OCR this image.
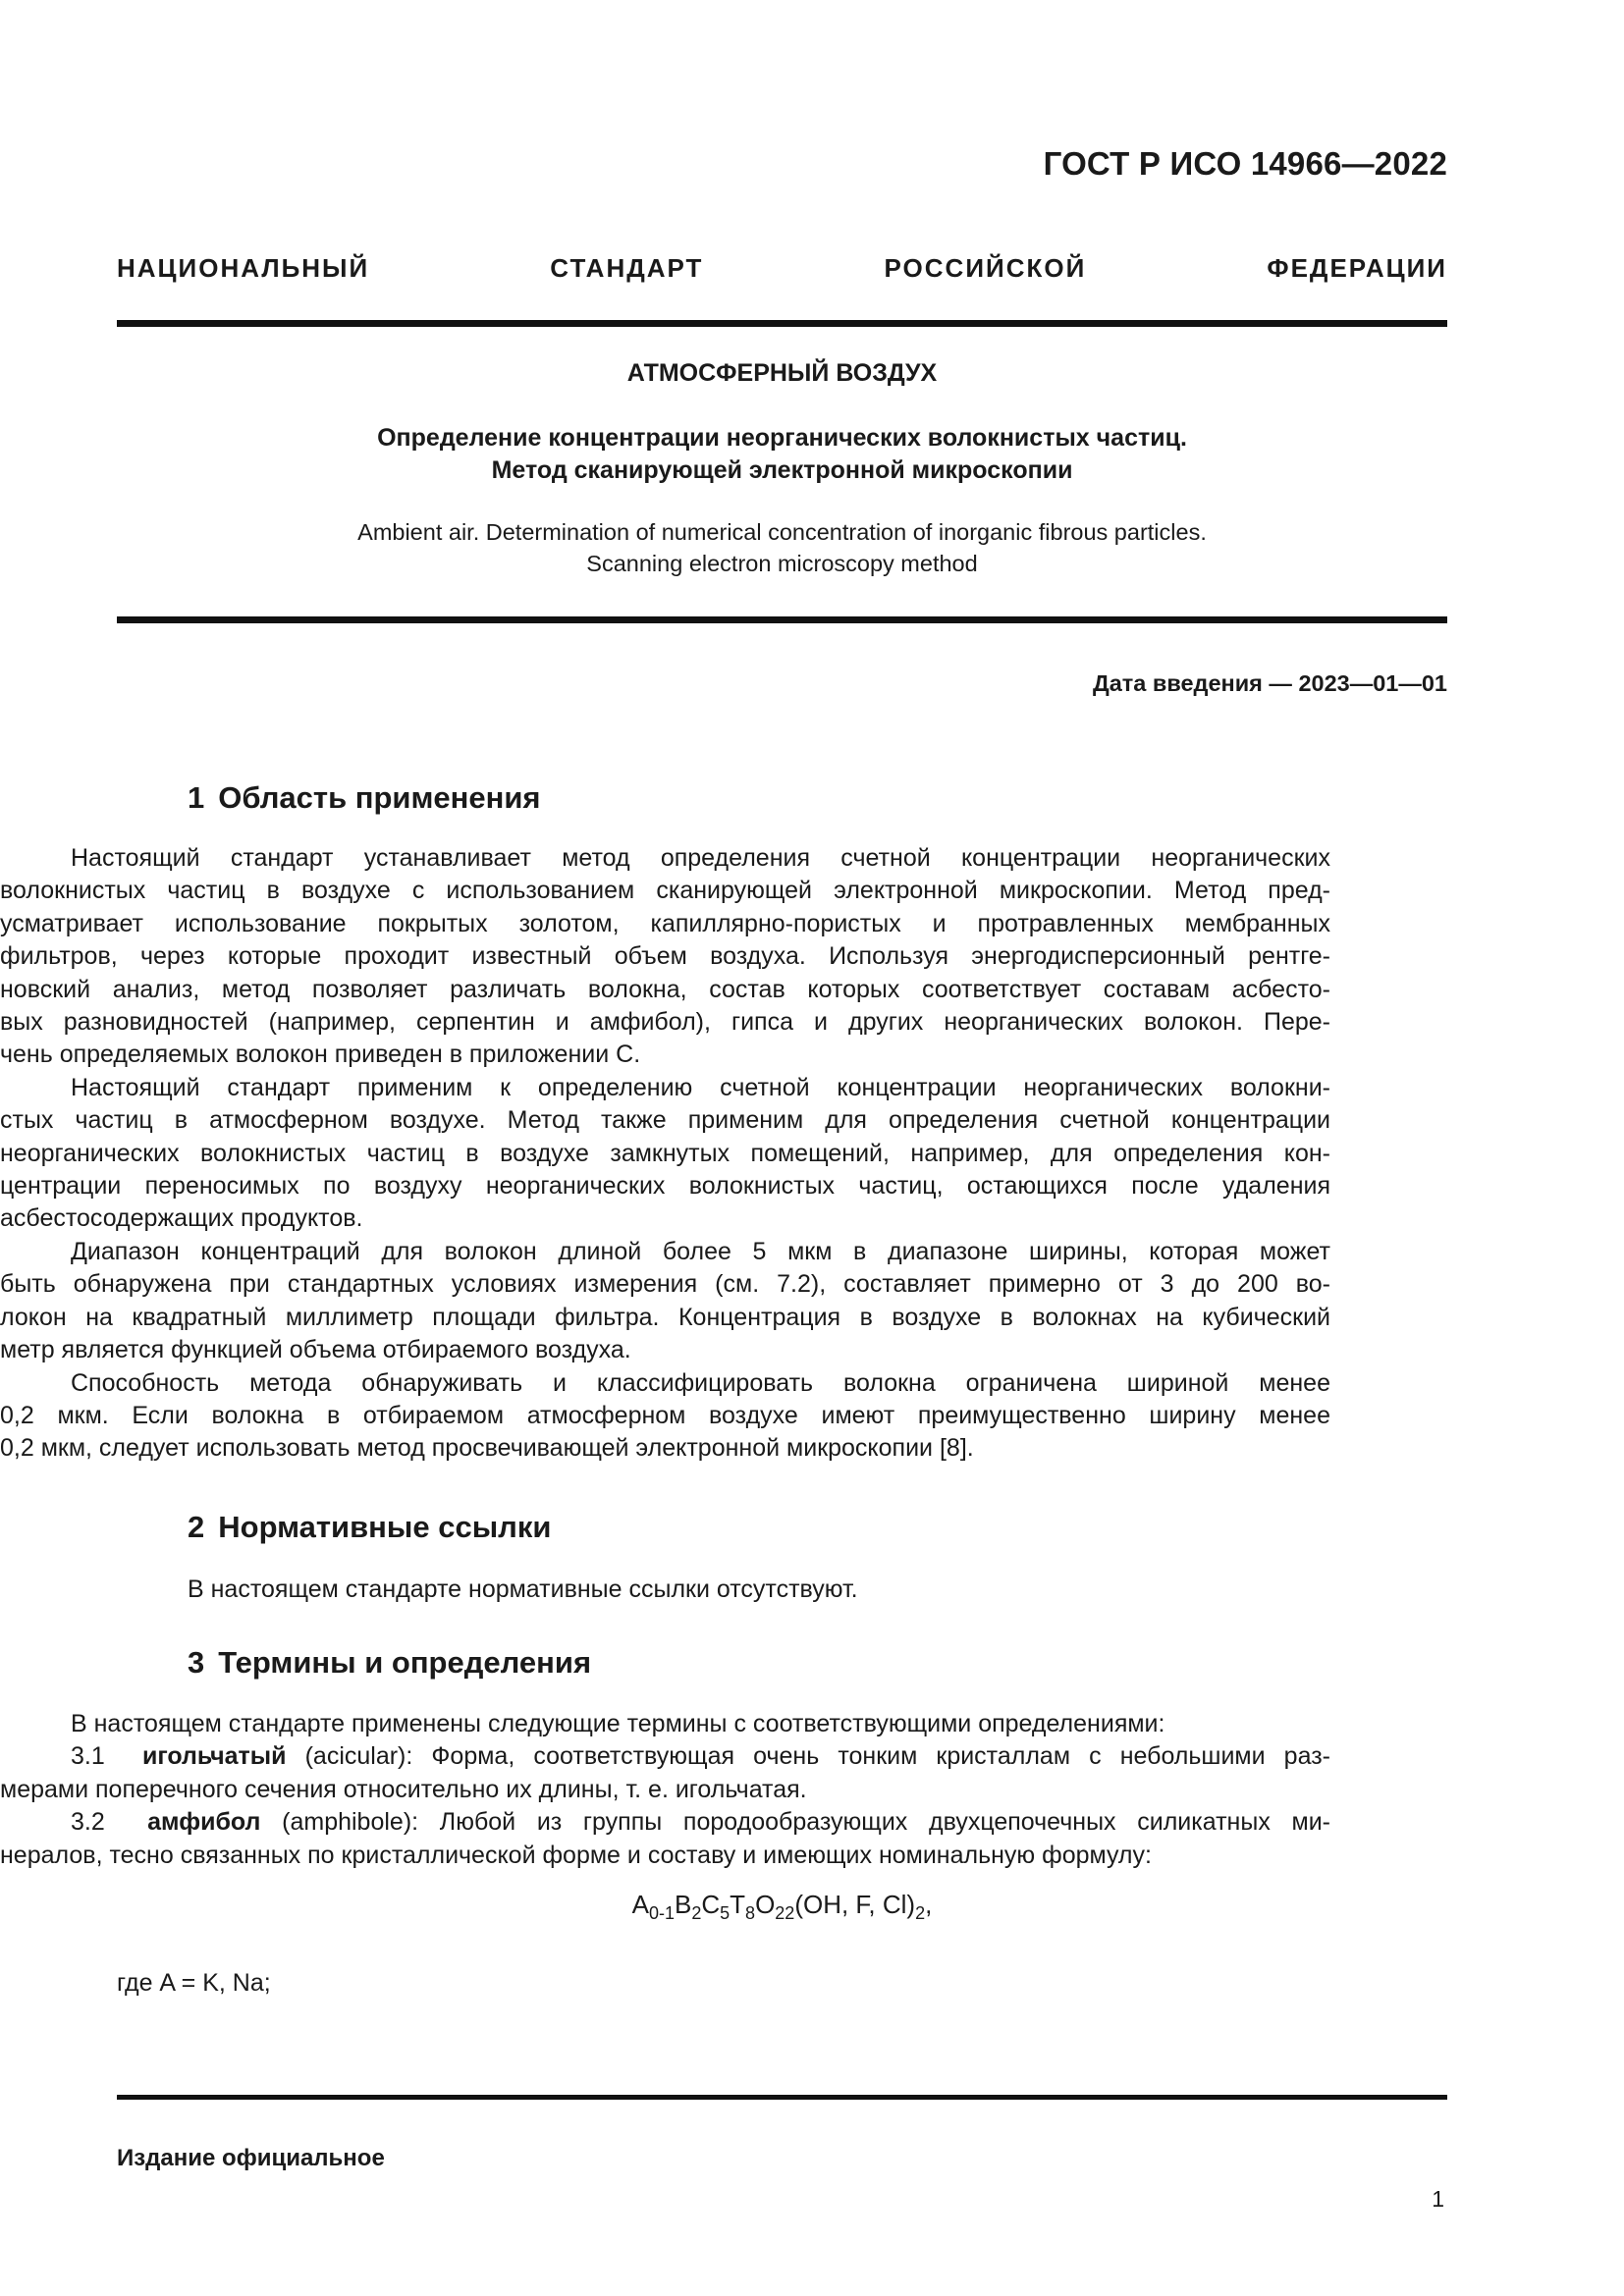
ГОСТ Р ИСО 14966—2022
НАЦИОНАЛЬНЫЙ СТАНДАРТ РОССИЙСКОЙ ФЕДЕРАЦИИ
АТМОСФЕРНЫЙ ВОЗДУХ
Определение концентрации неорганических волокнистых частиц.
Метод сканирующей электронной микроскопии
Ambient air. Determination of numerical concentration of inorganic fibrous particles.
Scanning electron microscopy method
Дата введения — 2023—01—01
1 Область применения

Настоящий стандарт устанавливает метод определения счетной концентрации неорганических

волокнистых частиц в воздухе с использованием сканирующей электронной микроскопии. Метод пред-

усматривает использование покрытых золотом, капиллярно-пористых и протравленных мембранных

фильтров, через которые проходит известный объем воздуха. Используя энергодисперсионный рентге-

новский анализ, метод позволяет различать волокна, состав которых соответствует составам асбесто-

вых разновидностей (например, серпентин и амфибол), гипса и других неорганических волокон. Пере-

чень определяемых волокон приведен в приложении С.

Настоящий стандарт применим к определению счетной концентрации неорганических волокни-

стых частиц в атмосферном воздухе. Метод также применим для определения счетной концентрации

неорганических волокнистых частиц в воздухе замкнутых помещений, например, для определения кон-

центрации переносимых по воздуху неорганических волокнистых частиц, остающихся после удаления

асбестосодержащих продуктов.

Диапазон концентраций для волокон длиной более 5 мкм в диапазоне ширины, которая может

быть обнаружена при стандартных условиях измерения (см. 7.2), составляет примерно от 3 до 200 во-

локон на квадратный миллиметр площади фильтра. Концентрация в воздухе в волокнах на кубический

метр является функцией объема отбираемого воздуха.

Способность метода обнаруживать и классифицировать волокна ограничена шириной менее

0,2 мкм. Если волокна в отбираемом атмосферном воздухе имеют преимущественно ширину менее

0,2 мкм, следует использовать метод просвечивающей электронной микроскопии [8].

2 Нормативные ссылки

В настоящем стандарте нормативные ссылки отсутствуют.

3 Термины и определения

В настоящем стандарте применены следующие термины с соответствующими определениями:

3.1 игольчатый (acicular): Форма, соответствующая очень тонким кристаллам с небольшими раз-

мерами поперечного сечения относительно их длины, т. е. игольчатая.

3.2 амфибол (amphibole): Любой из группы породообразующих двухцепочечных силикатных ми-

нералов, тесно связанных по кристаллической форме и составу и имеющих номинальную формулу:

$A_{0-1}B_2C_5T_8O_{22}(OH$, F, $Cl)_2$,

где A = K, Na;

Издание официальное
1
